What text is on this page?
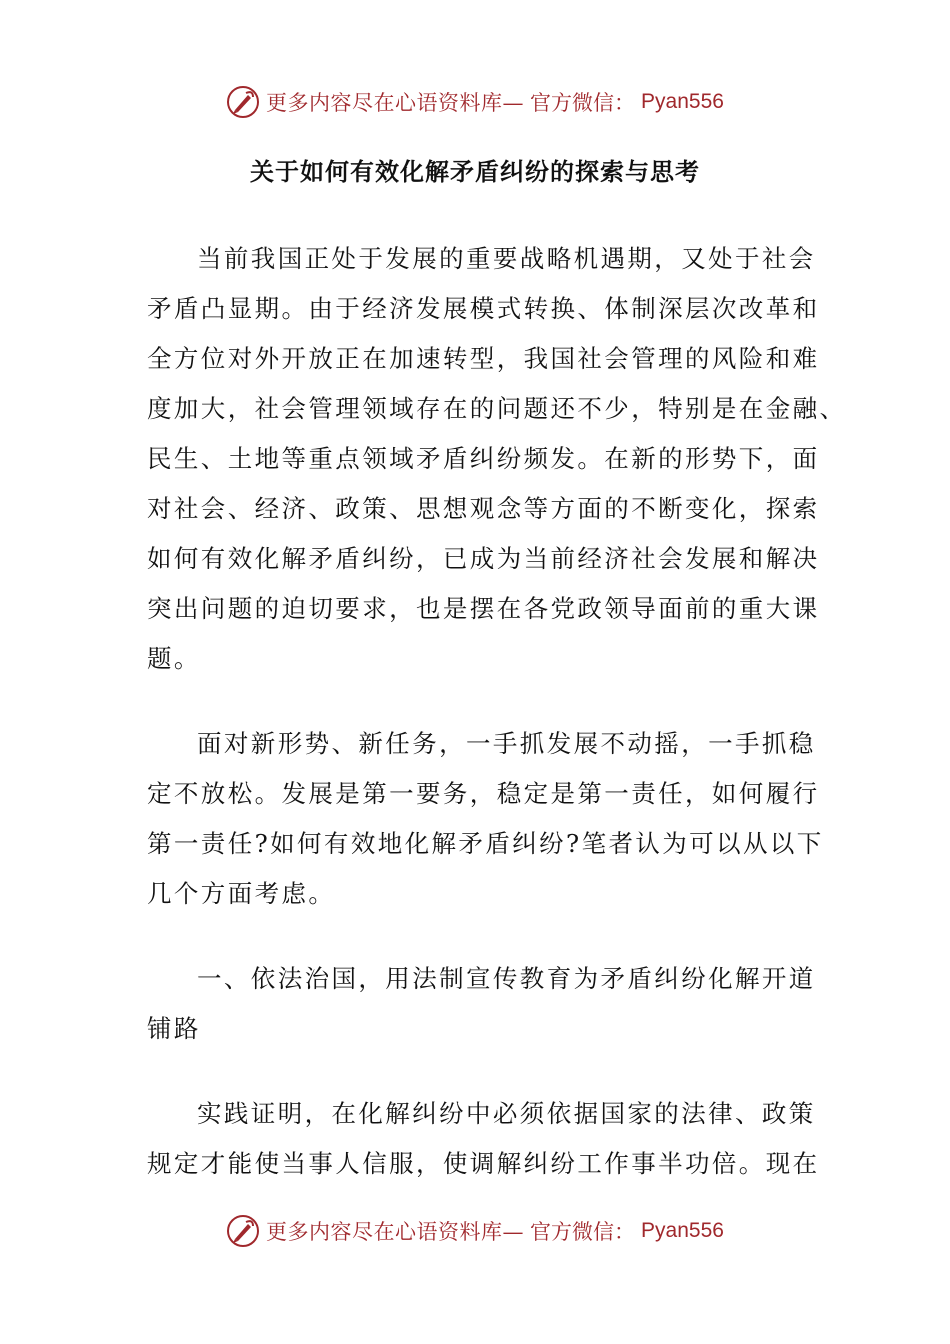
更多内容尽在心语资料库— 官方微信： Pyan556
关于如何有效化解矛盾纠纷的探索与思考
当前我国正处于发展的重要战略机遇期，又处于社会
矛盾凸显期。由于经济发展模式转换、体制深层次改革和
全方位对外开放正在加速转型，我国社会管理的风险和难
度加大，社会管理领域存在的问题还不少，特别是在金融、
民生、土地等重点领域矛盾纠纷频发。在新的形势下，面
对社会、经济、政策、思想观念等方面的不断变化，探索
如何有效化解矛盾纠纷，已成为当前经济社会发展和解决
突出问题的迫切要求，也是摆在各党政领导面前的重大课
题。
面对新形势、新任务，一手抓发展不动摇，一手抓稳
定不放松。发展是第一要务，稳定是第一责任，如何履行
第一责任?如何有效地化解矛盾纠纷?笔者认为可以从以下
几个方面考虑。
一、依法治国，用法制宣传教育为矛盾纠纷化解开道
铺路
实践证明，在化解纠纷中必须依据国家的法律、政策
规定才能使当事人信服，使调解纠纷工作事半功倍。现在
更多内容尽在心语资料库— 官方微信： Pyan556
